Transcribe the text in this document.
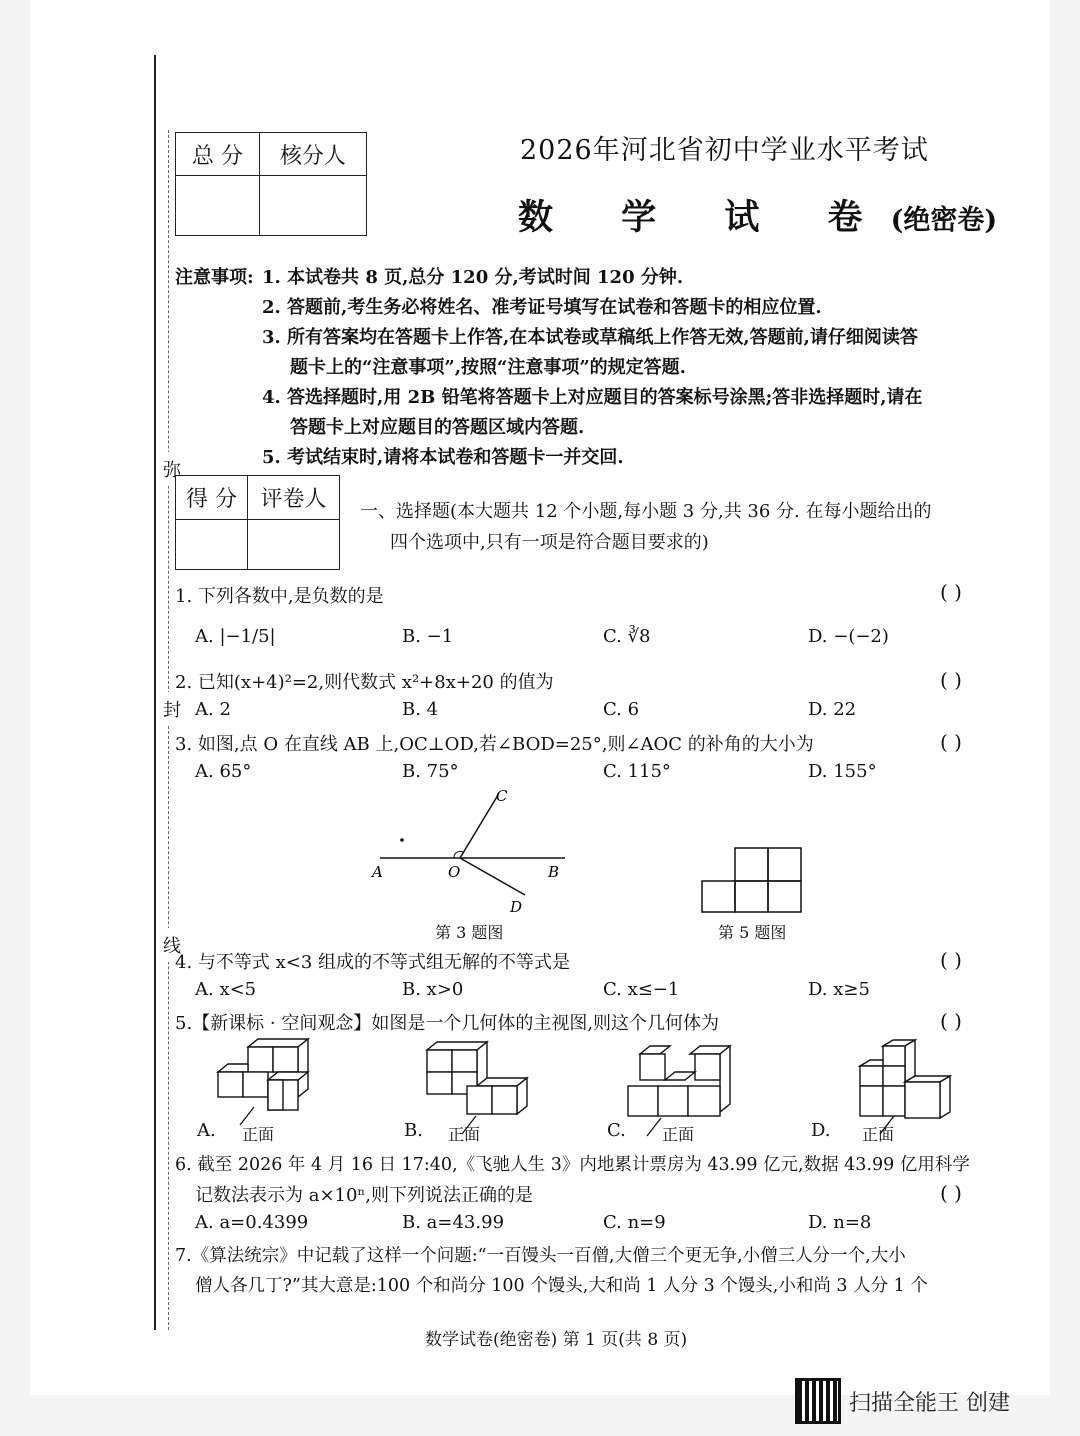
弥
封
线
总 分	核分人
		2026年河北省初中学业水平考试
数 学 试 卷(绝密卷)
注意事项: 1. 本试卷共 8 页,总分 120 分,考试时间 120 分钟.
2. 答题前,考生务必将姓名、准考证号填写在试卷和答题卡的相应位置.
3. 所有答案均在答题卡上作答,在本试卷或草稿纸上作答无效,答题前,请仔细阅读答
题卡上的“注意事项”,按照“注意事项”的规定答题.
4. 答选择题时,用 2B 铅笔将答题卡上对应题目的答案标号涂黑;答非选择题时,请在
答题卡上对应题目的答题区域内答题.
5. 考试结束时,请将本试卷和答题卡一并交回.
得 分	评卷人
	一、选择题(本大题共 12 个小题,每小题 3 分,共 36 分. 在每小题给出的
四个选项中,只有一项是符合题目要求的)
1. 下列各数中,是负数的是	( )
A. |−1/5|	B. −1	C. ∛8	D. −(−2)
2. 已知(x+4)²=2,则代数式 x²+8x+20 的值为	( )
A. 2	B. 4	C. 6	D. 22
3. 如图,点 O 在直线 AB 上,OC⊥OD,若∠BOD=25°,则∠AOC 的补角的大小为	( )
A. 65°	B. 75°	C. 115°	D. 155°
A	O	B
C
D
第 3 题图	第 5 题图
4. 与不等式 x<3 组成的不等式组无解的不等式是	( )
A. x<5	B. x>0	C. x≤−1	D. x≥5
5.【新课标 · 空间观念】如图是一个几何体的主视图,则这个几何体为	( )
A. 正面	B. 正面	C. 正面	D. 正面
6. 截至 2026 年 4 月 16 日 17:40,《飞驰人生 3》内地累计票房为 43.99 亿元,数据 43.99 亿用科学
记数法表示为 a×10ⁿ,则下列说法正确的是	( )
A. a=0.4399	B. a=43.99	C. n=9	D. n=8
7.《算法统宗》中记载了这样一个问题:“一百馒头一百僧,大僧三个更无争,小僧三人分一个,大小
僧人各几丁?”其大意是:100 个和尚分 100 个馒头,大和尚 1 人分 3 个馒头,小和尚 3 人分 1 个
数学试卷(绝密卷) 第 1 页(共 8 页)
扫描全能王 创建
